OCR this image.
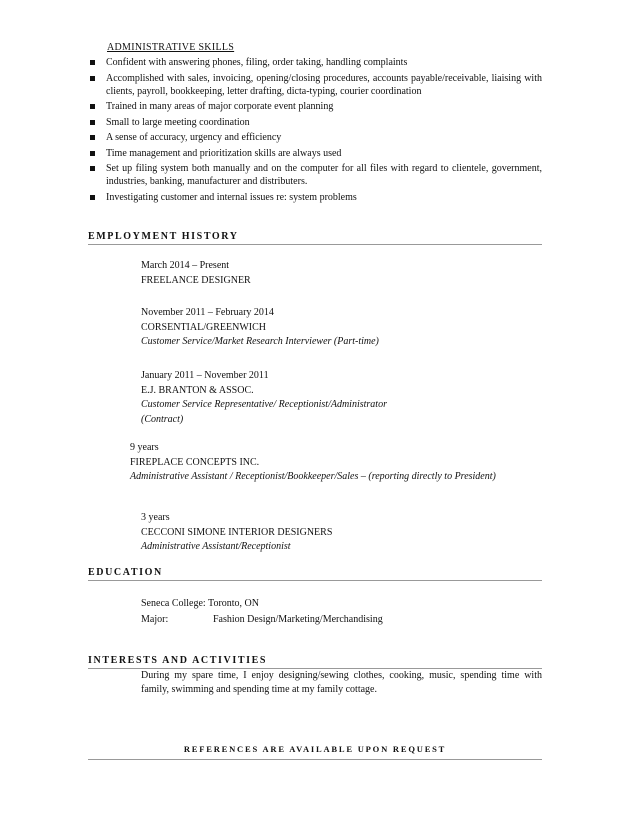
ADMINISTRATIVE SKILLS

Confident with answering phones, filing, order taking, handling complaints
Accomplished with sales, invoicing, opening/closing procedures, accounts payable/receivable, liaising with clients, payroll, bookkeeping, letter drafting, dicta-typing, courier coordination
Trained in many areas of major corporate event planning
Small to large meeting coordination
A sense of accuracy, urgency and efficiency
Time management and prioritization skills are always used
Set up filing system both manually and on the computer for all files with regard to clientele, government, industries, banking, manufacturer and distributers.
Investigating customer and internal issues re: system problems
EMPLOYMENT HISTORY
March 2014 – Present
FREELANCE DESIGNER
November 2011 – February 2014
CORSENTIAL/GREENWICH
Customer Service/Market Research Interviewer (Part-time)
January 2011 – November 2011
E.J. BRANTON & ASSOC.
Customer Service Representative/ Receptionist/Administrator (Contract)
9 years
FIREPLACE CONCEPTS INC.
Administrative Assistant / Receptionist/Bookkeeper/Sales – (reporting directly to President)
3 years
CECCONI SIMONE INTERIOR DESIGNERS
Administrative Assistant/Receptionist
EDUCATION
Seneca College: Toronto, ON
Major:	Fashion Design/Marketing/Merchandising
INTERESTS AND ACTIVITIES

During my spare time, I enjoy designing/sewing clothes, cooking, music, spending time with family, swimming and spending time at my family cottage.

REFERENCES ARE AVAILABLE UPON REQUEST
